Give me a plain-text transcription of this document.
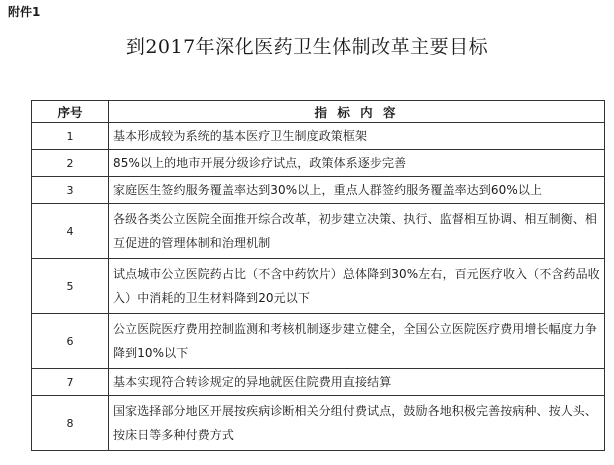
附件1
到2017年深化医药卫生体制改革主要目标
序号	指 标 内 容
1	基本形成较为系统的基本医疗卫生制度政策框架
2	85%以上的地市开展分级诊疗试点，政策体系逐步完善
3	家庭医生签约服务覆盖率达到30%以上，重点人群签约服务覆盖率达到60%以上
4	各级各类公立医院全面推开综合改革，初步建立决策、执行、监督相互协调、相互制衡、相互促进的管理体制和治理机制
5	试点城市公立医院药占比（不含中药饮片）总体降到30%左右，百元医疗收入（不含药品收入）中消耗的卫生材料降到20元以下
6	公立医院医疗费用控制监测和考核机制逐步建立健全，全国公立医院医疗费用增长幅度力争降到10%以下
7	基本实现符合转诊规定的异地就医住院费用直接结算
8	国家选择部分地区开展按疾病诊断相关分组付费试点，鼓励各地积极完善按病种、按人头、按床日等多种付费方式
